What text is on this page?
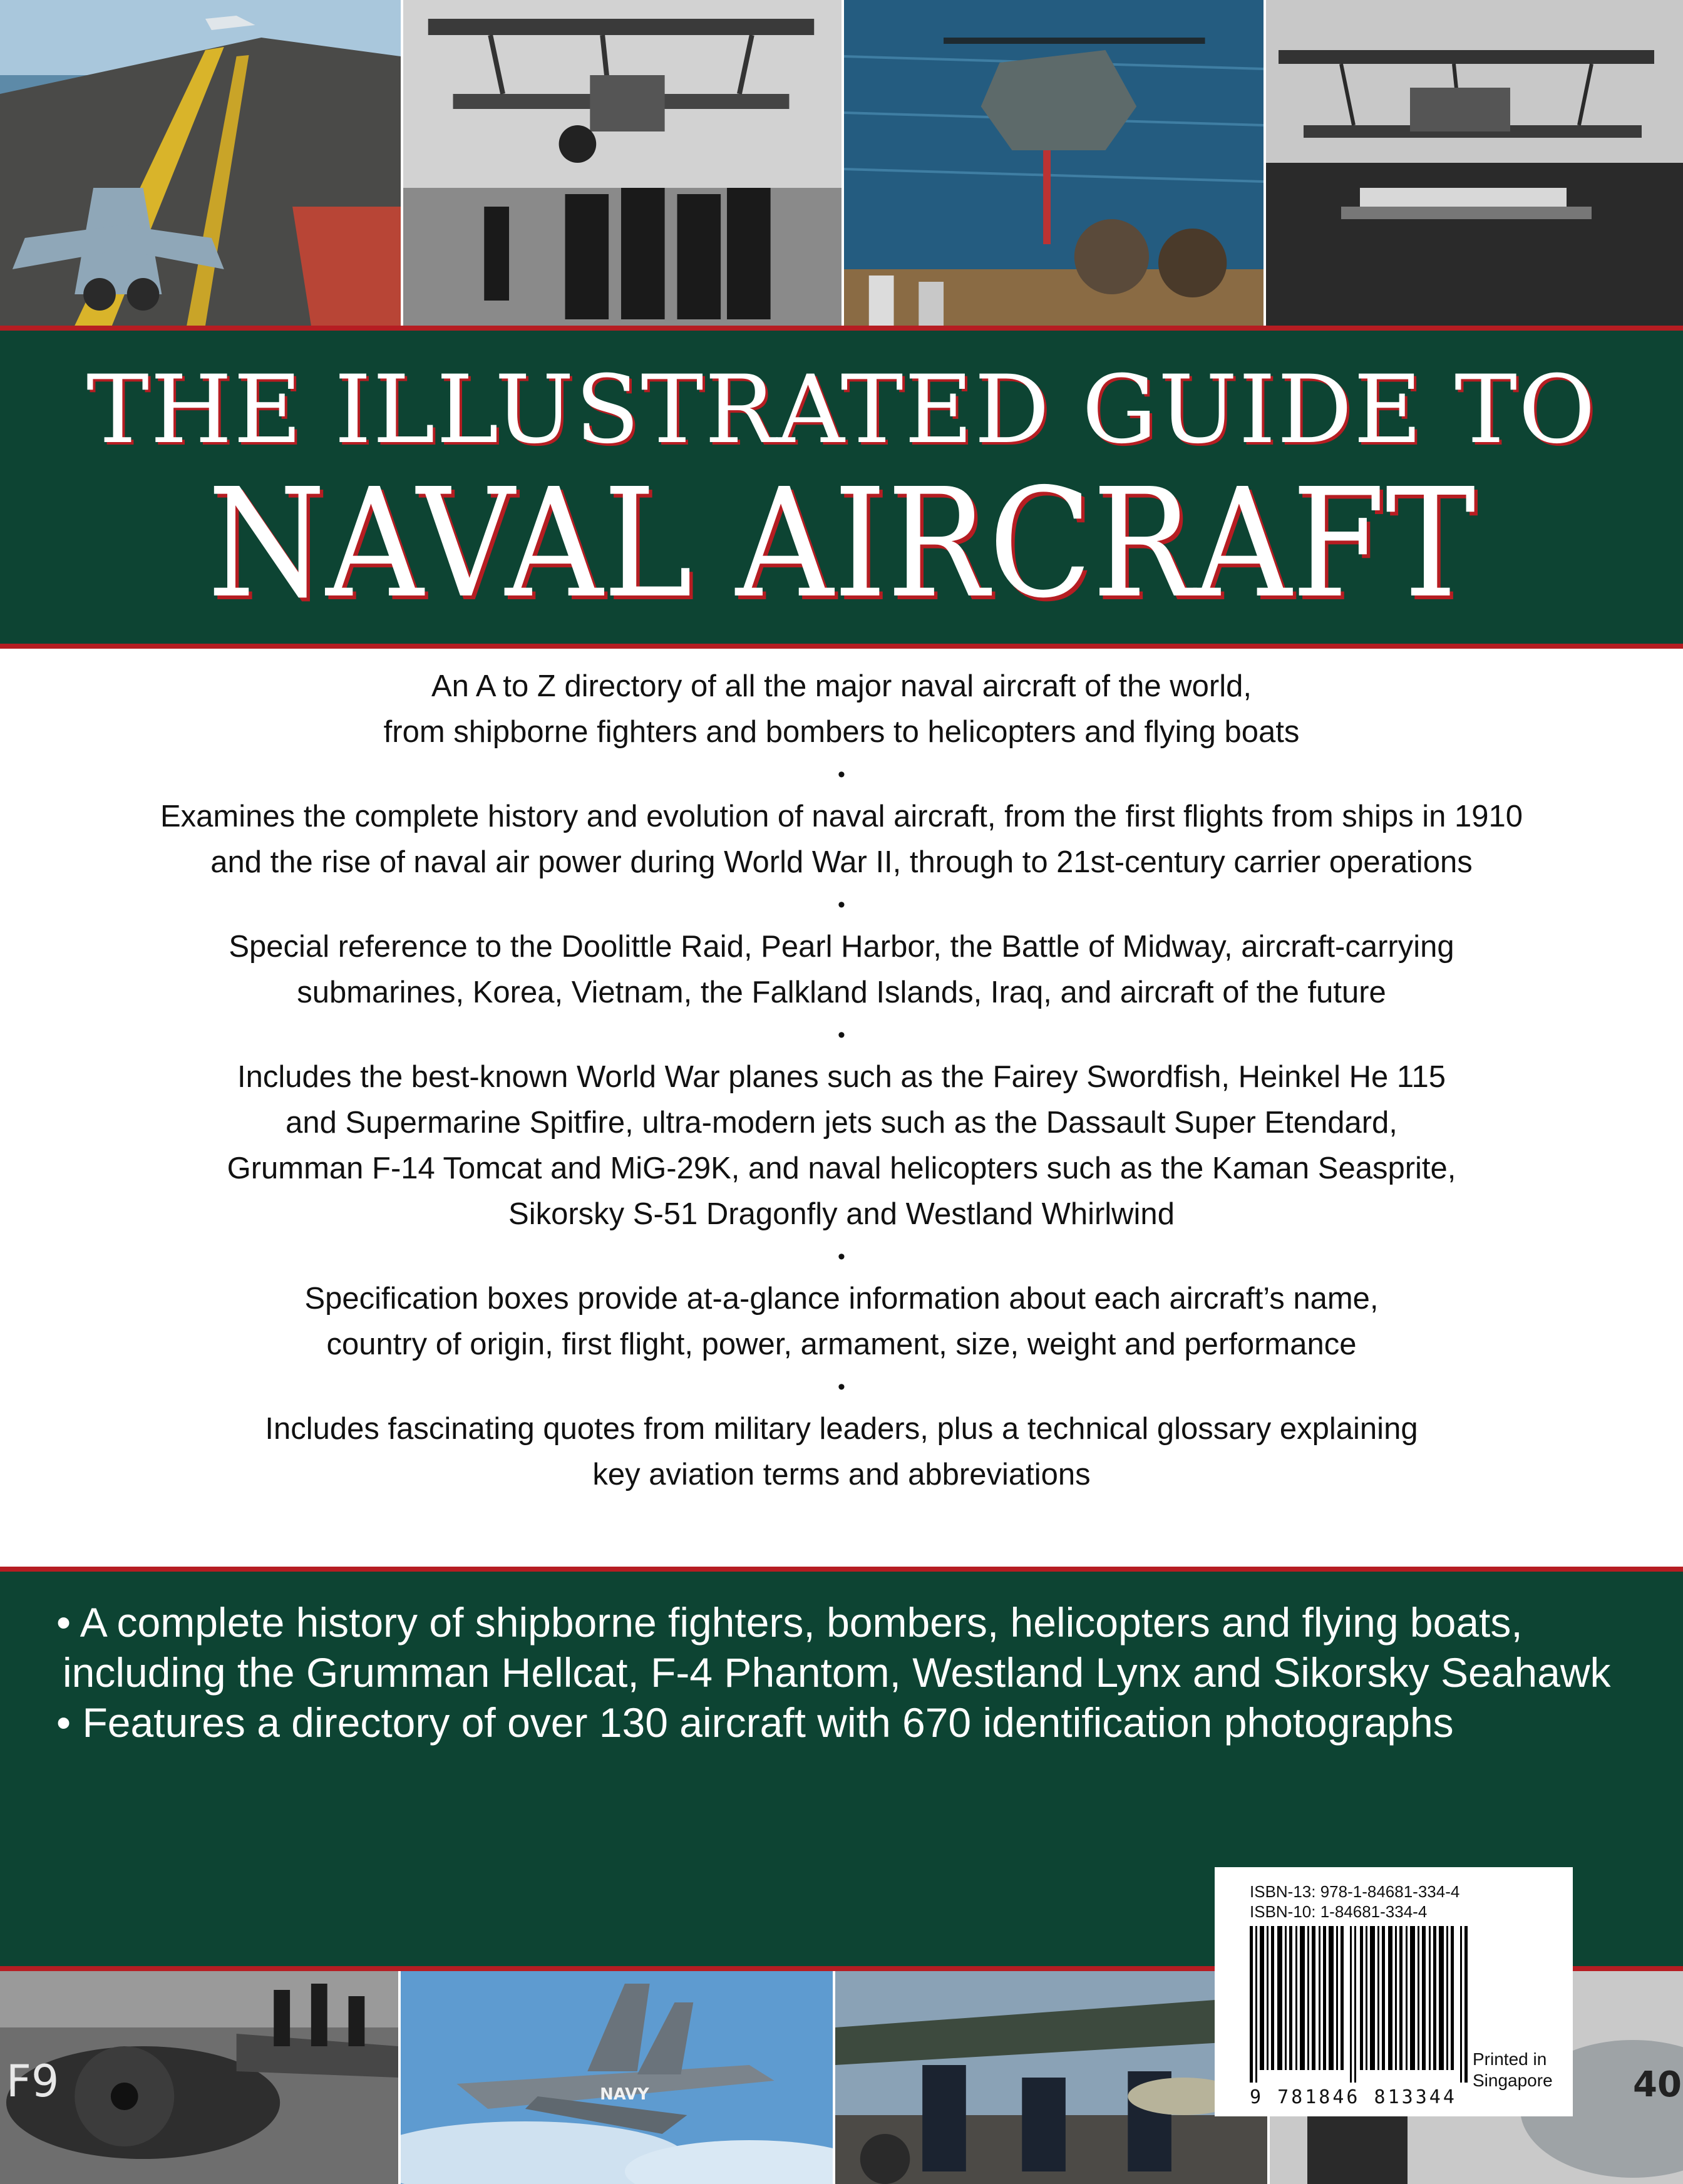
THE ILLUSTRATED GUIDE TO
NAVAL AIRCRAFT

An A to Z directory of all the major naval aircraft of the world,
from shipborne fighters and bombers to helicopters and flying boats

•

Examines the complete history and evolution of naval aircraft, from the first flights from ships in 1910
and the rise of naval air power during World War II, through to 21st-century carrier operations

•

Special reference to the Doolittle Raid, Pearl Harbor, the Battle of Midway, aircraft-carrying
submarines, Korea, Vietnam, the Falkland Islands, Iraq, and aircraft of the future

•

Includes the best-known World War planes such as the Fairey Swordfish, Heinkel He 115
and Supermarine Spitfire, ultra-modern jets such as the Dassault Super Etendard,
Grumman F-14 Tomcat and MiG-29K, and naval helicopters such as the Kaman Seasprite,
Sikorsky S-51 Dragonfly and Westland Whirlwind

•

Specification boxes provide at-a-glance information about each aircraft’s name,
country of origin, first flight, power, armament, size, weight and performance

•

Includes fascinating quotes from military leaders, plus a technical glossary explaining
key aviation terms and abbreviations

• A complete history of shipborne fighters, bombers, helicopters and flying boats,
including the Grumman Hellcat, F-4 Phantom, Westland Lynx and Sikorsky Seahawk
• Features a directory of over 130 aircraft with 670 identification photographs
F9	NAVY	40
ISBN-13: 978-1-84681-334-4
ISBN-10: 1-84681-334-4
9 781846 813344
Printed in
Singapore
